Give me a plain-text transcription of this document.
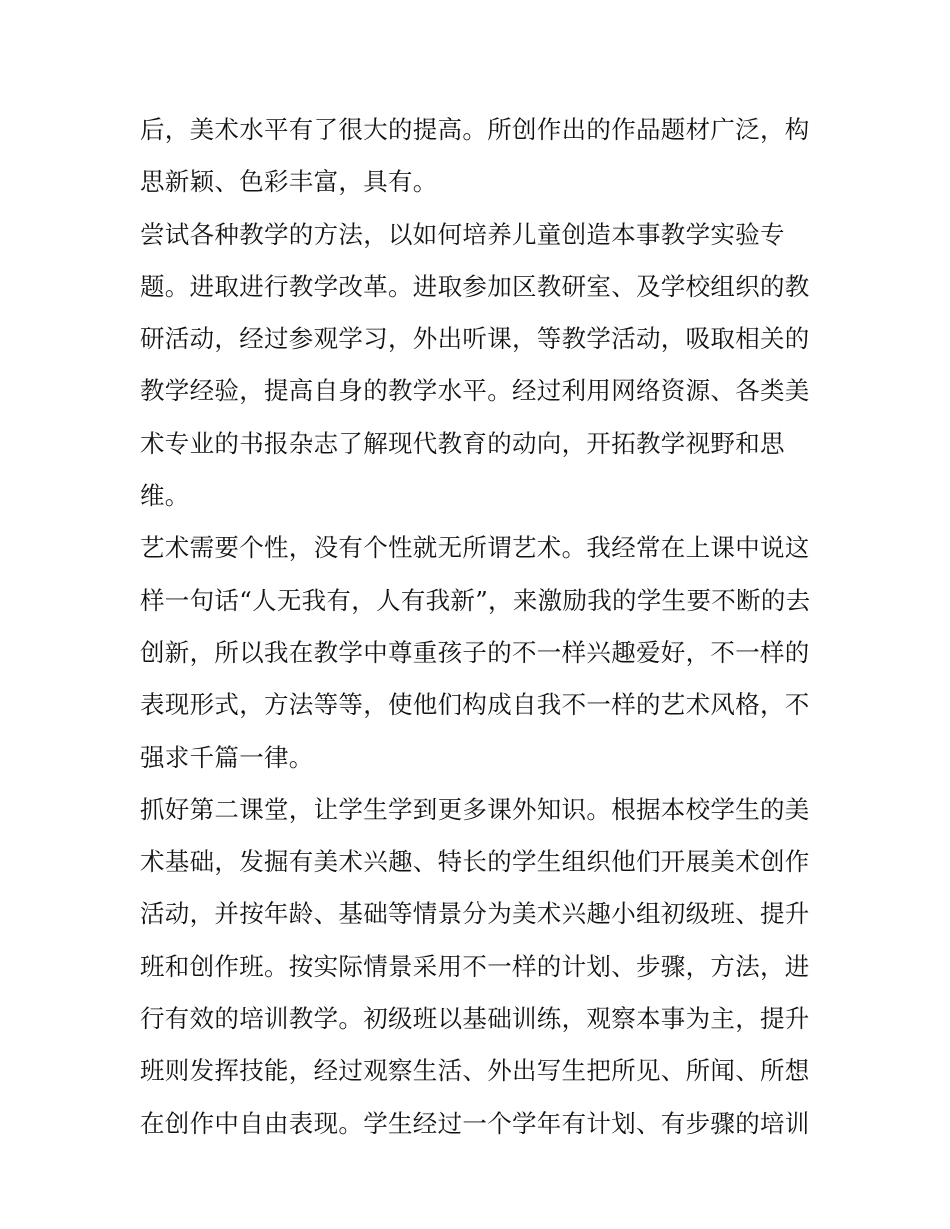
后，美术水平有了很大的提高。所创作出的作品题材广泛，构
思新颖、色彩丰富，具有。
尝试各种教学的方法，以如何培养儿童创造本事教学实验专
题。进取进行教学改革。进取参加区教研室、及学校组织的教
研活动，经过参观学习，外出听课，等教学活动，吸取相关的
教学经验，提高自身的教学水平。经过利用网络资源、各类美
术专业的书报杂志了解现代教育的动向，开拓教学视野和思
维。
艺术需要个性，没有个性就无所谓艺术。我经常在上课中说这
样一句话“人无我有，人有我新”，来激励我的学生要不断的去
创新，所以我在教学中尊重孩子的不一样兴趣爱好，不一样的
表现形式，方法等等，使他们构成自我不一样的艺术风格，不
强求千篇一律。
抓好第二课堂，让学生学到更多课外知识。根据本校学生的美
术基础，发掘有美术兴趣、特长的学生组织他们开展美术创作
活动，并按年龄、基础等情景分为美术兴趣小组初级班、提升
班和创作班。按实际情景采用不一样的计划、步骤，方法，进
行有效的培训教学。初级班以基础训练，观察本事为主，提升
班则发挥技能，经过观察生活、外出写生把所见、所闻、所想
在创作中自由表现。学生经过一个学年有计划、有步骤的培训
